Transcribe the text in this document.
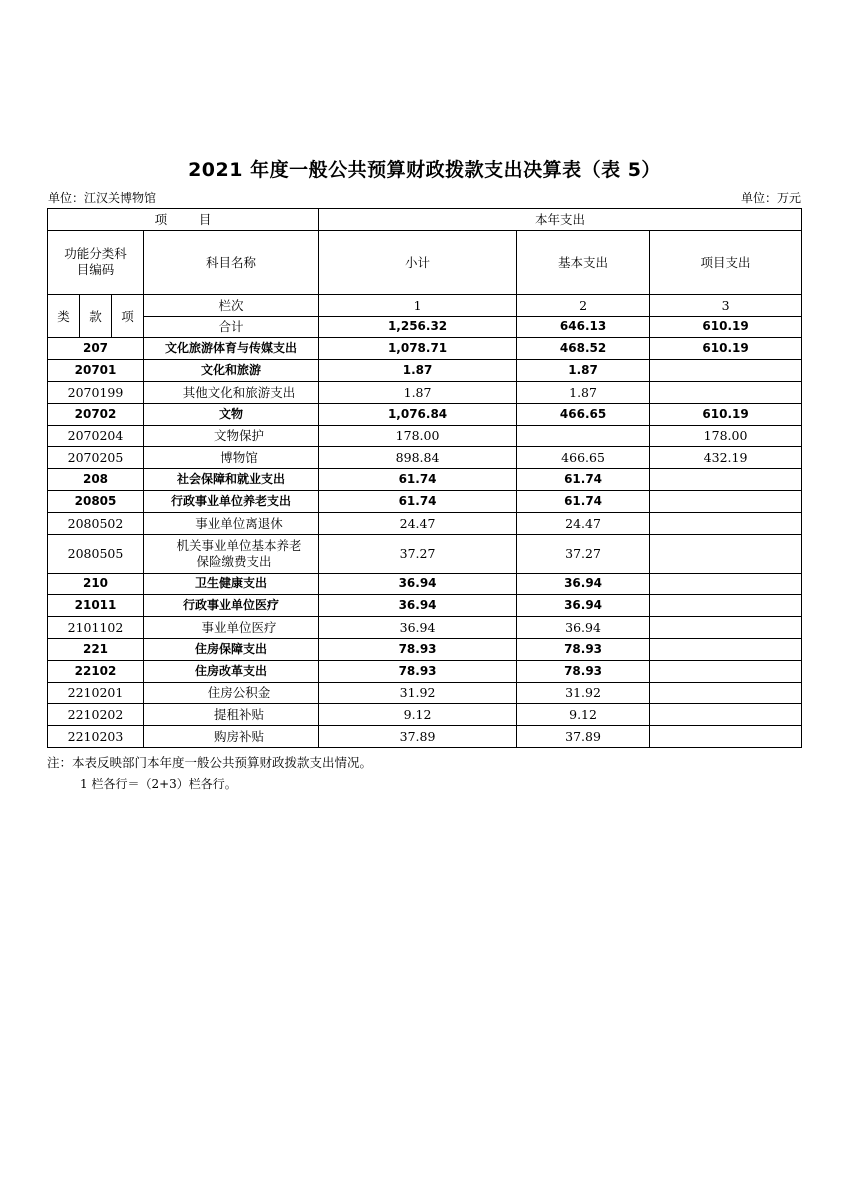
2021 年度一般公共预算财政拨款支出决算表（表 5）
单位：江汉关博物馆	单位：万元
项        目				本年支出		

功能分类科
目编码			科目名称	小计	基本支出	项目支出
类	款	项	栏次	1	2	3
			合计	1,256.32	646.13	610.19
207			文化旅游体育与传媒支出	1,078.71	468.52	610.19
20701			文化和旅游	1.87	1.87	
2070199			其他文化和旅游支出	1.87	1.87	
20702			文物	1,076.84	466.65	610.19
2070204			文物保护	178.00		178.00
2070205			博物馆	898.84	466.65	432.19
208			社会保障和就业支出	61.74	61.74	
20805			行政事业单位养老支出	61.74	61.74	
2080502			事业单位离退休	24.47	24.47	
2080505			机关事业单位基本养老
保险缴费支出	37.27	37.27	
210			卫生健康支出	36.94	36.94	
21011			行政事业单位医疗	36.94	36.94	
2101102			事业单位医疗	36.94	36.94	
221			住房保障支出	78.93	78.93	
22102			住房改革支出	78.93	78.93	
2210201			住房公积金	31.92	31.92	
2210202			提租补贴	9.12	9.12	
2210203			购房补贴	37.89	37.89	
注：本表反映部门本年度一般公共预算财政拨款支出情况。
1 栏各行＝（2+3）栏各行。
